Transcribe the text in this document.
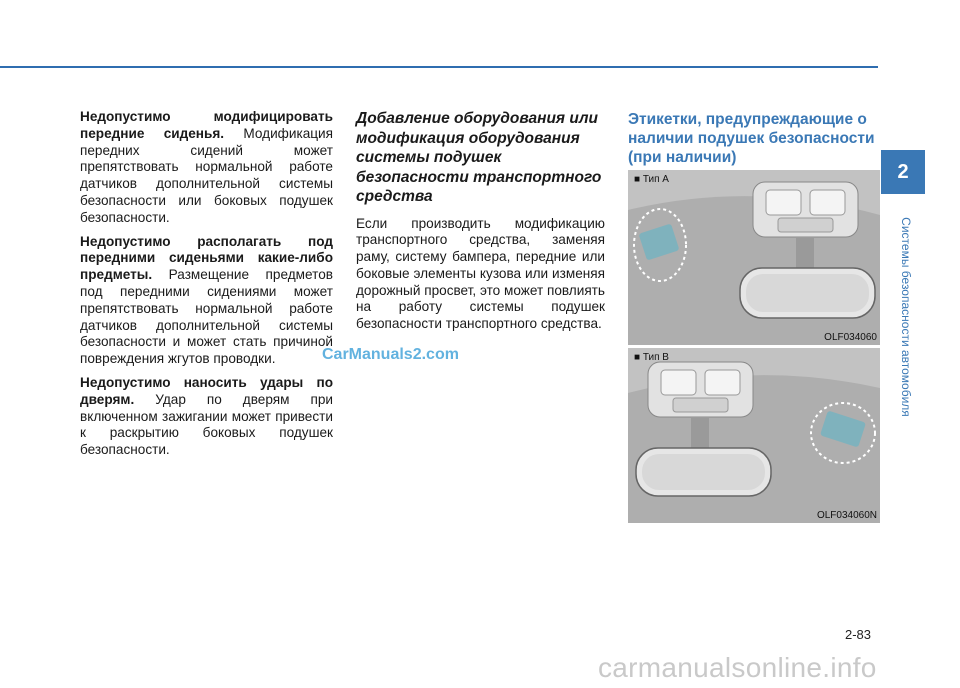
Недопустимо модифицировать передние сиденья. Модификация передних сидений может препятствовать нормальной работе датчиков дополнительной системы безопасности или боковых подушек безопасности.

Недопустимо располагать под передними сиденьями какие-либо предметы. Размещение предметов под передними сидениями может препятствовать нормальной работе датчиков дополнительной системы безопасности и может стать причиной повреждения жгутов проводки.

Недопустимо наносить удары по дверям. Удар по дверям при включенном зажигании может привести к раскрытию боковых подушек безопасности.

Добавление оборудования или модификация оборудования системы подушек безопасности транспортного средства

Если производить модификацию транспортного средства, заменяя раму, систему бампера, передние или боковые элементы кузова или изменяя дорожный просвет, это может повлиять на работу системы подушек безопасности транспортного средства.

Этикетки, предупреждающие о наличии подушек безопасности (при наличии)
■ Тип A
OLF034060
■ Тип B
OLF034060N
2
Системы безопасности автомобиля
CarManuals2.com
2-83
carmanualsonline.info
